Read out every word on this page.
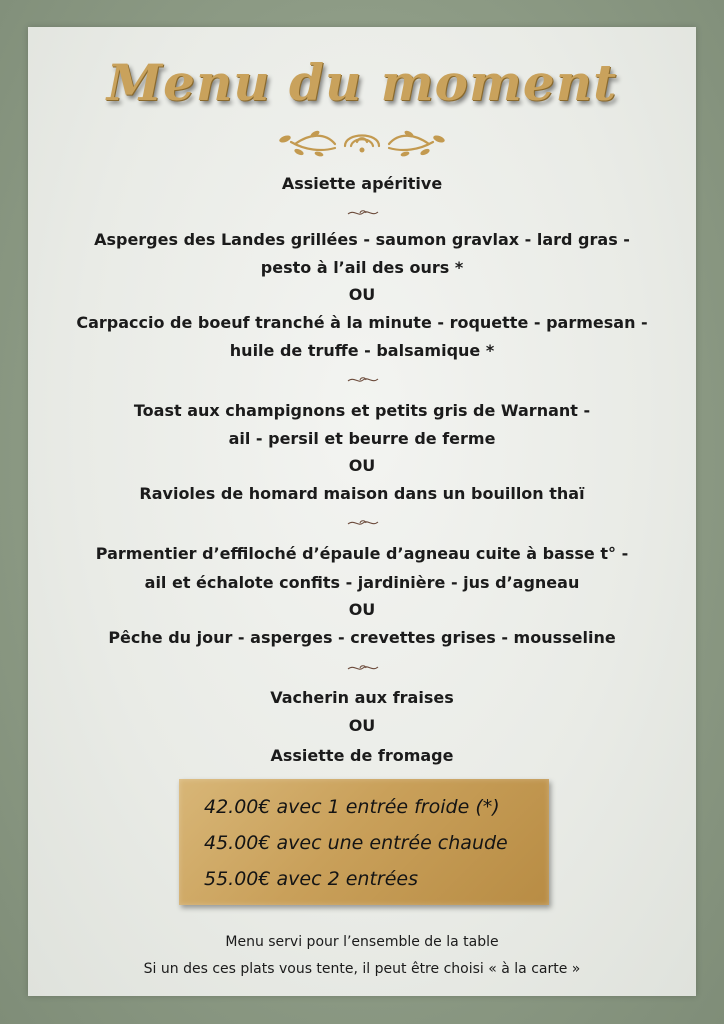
Menu du moment
Assiette apéritive
Asperges des Landes grillées - saumon gravlax - lard gras -
pesto à l’ail des ours *
OU
Carpaccio de boeuf tranché à la minute - roquette - parmesan -
huile de truffe - balsamique *
Toast aux champignons et petits gris de Warnant -
ail - persil et beurre de ferme
OU
Ravioles de homard maison dans un bouillon thaï
Parmentier d’effiloché d’épaule d’agneau cuite à basse t° -
ail et échalote confits - jardinière - jus d’agneau
OU
Pêche du jour - asperges - crevettes grises - mousseline
Vacherin aux fraises
OU
Assiette de fromage
42.00€ avec 1 entrée froide (*)
45.00€ avec une entrée chaude
55.00€ avec 2 entrées
Menu servi pour l’ensemble de la table
Si un des ces plats vous tente, il peut être choisi « à la carte »
